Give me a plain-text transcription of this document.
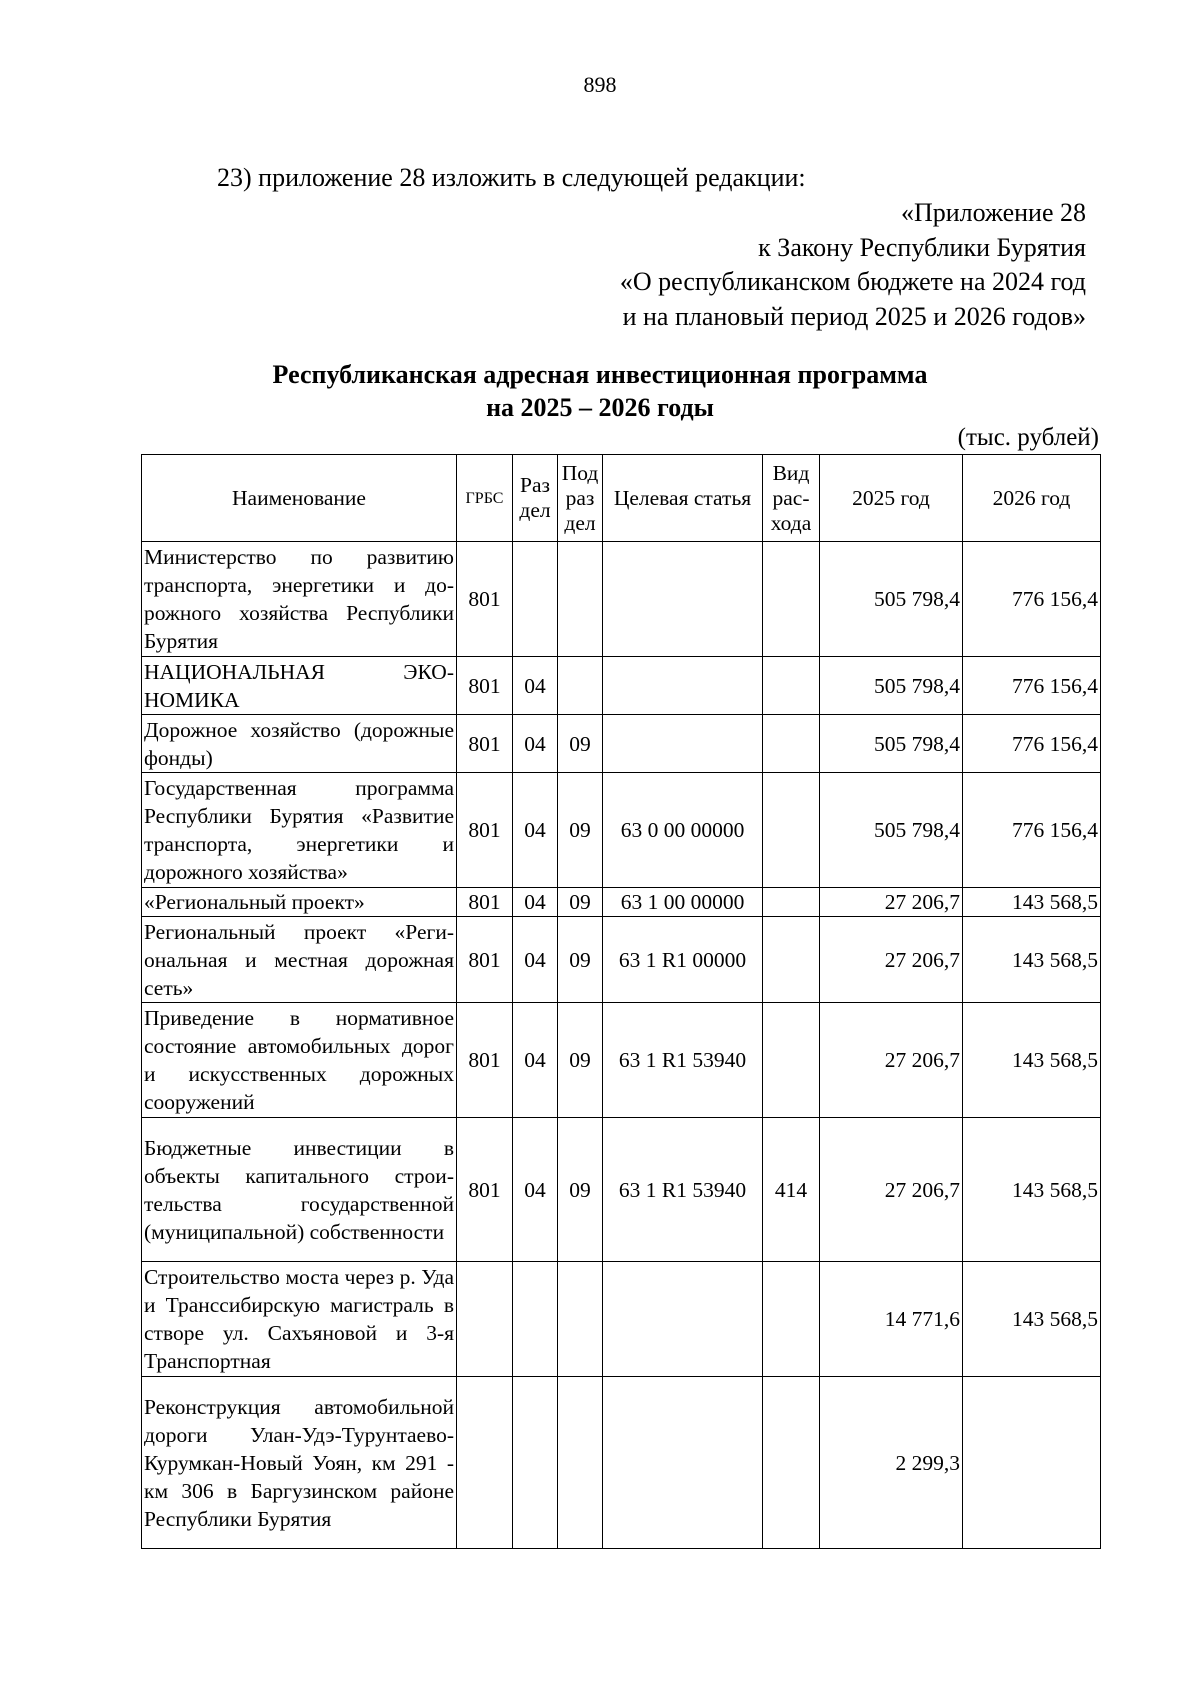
898
23) приложение 28 изложить в следующей редакции:
«Приложение 28
к Закону Республики Бурятия
«О республиканском бюджете на 2024 год
и на плановый период 2025 и 2026 годов»
Республиканская адресная инвестиционная программа
на 2025 – 2026 годы
(тыс. рублей)
Наименование	ГРБС	Раз дел	Под раз дел	Целевая статья	Вид рас- хода	2025 год	2026 год
Министерство по развитию транспорта, энергетики и дорожного хозяйства Республики Бурятия	801					505 798,4	776 156,4
НАЦИОНАЛЬНАЯ ЭКОНОМИКА	801	04				505 798,4	776 156,4
Дорожное хозяйство (дорожные фонды)	801	04	09			505 798,4	776 156,4
Государственная программа Республики Бурятия «Развитие транспорта, энергетики и дорожного хозяйства»	801	04	09	63 0 00 00000		505 798,4	776 156,4
«Региональный проект»	801	04	09	63 1 00 00000		27 206,7	143 568,5
Региональный проект «Региональная и местная дорожная сеть»	801	04	09	63 1 R1 00000		27 206,7	143 568,5
Приведение в нормативное состояние автомобильных дорог и искусственных дорожных сооружений	801	04	09	63 1 R1 53940		27 206,7	143 568,5
Бюджетные инвестиции в объекты капитального строительства государственной (муниципальной) собственности	801	04	09	63 1 R1 53940	414	27 206,7	143 568,5
Строительство моста через р. Уда и Транссибирскую магистраль в створе ул. Сахъяновой и 3-я Транспортная						14 771,6	143 568,5
Реконструкция автомобильной дороги Улан-Удэ-Турунтаево-Курумкан-Новый Уоян, км 291 - км 306 в Баргузинском районе Республики Бурятия						2 299,3	
